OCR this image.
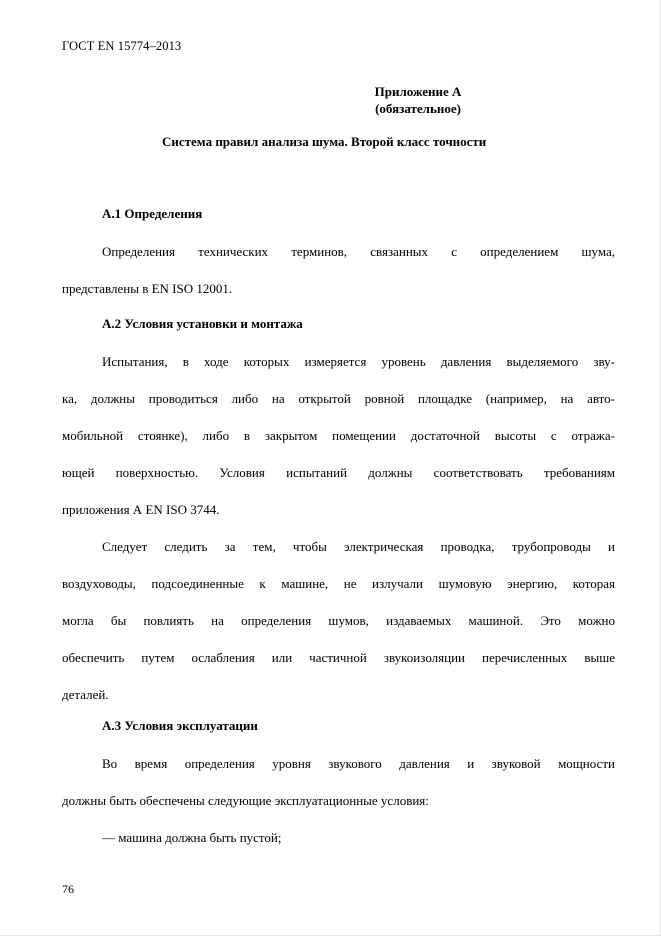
ГОСТ EN 15774–2013
Приложение А
(обязательное)
Система правил анализа шума. Второй класс точности
А.1 Определения
Определения технических терминов, связанных с определением шума,
представлены в EN ISO 12001.
А.2 Условия установки и монтажа
Испытания, в ходе которых измеряется уровень давления выделяемого зву-
ка, должны проводиться либо на открытой ровной площадке (например, на авто-
мобильной стоянке), либо в закрытом помещении достаточной высоты с отража-
ющей поверхностью. Условия испытаний должны соответствовать требованиям
приложения А EN ISO 3744.
Следует следить за тем, чтобы электрическая проводка, трубопроводы и
воздуховоды, подсоединенные к машине, не излучали шумовую энергию, которая
могла бы повлиять на определения шумов, издаваемых машиной. Это можно
обеспечить путем ослабления или частичной звукоизоляции перечисленных выше
деталей.
А.3 Условия эксплуатации
Во время определения уровня звукового давления и звуковой мощности
должны быть обеспечены следующие эксплуатационные условия:
— машина должна быть пустой;
76
